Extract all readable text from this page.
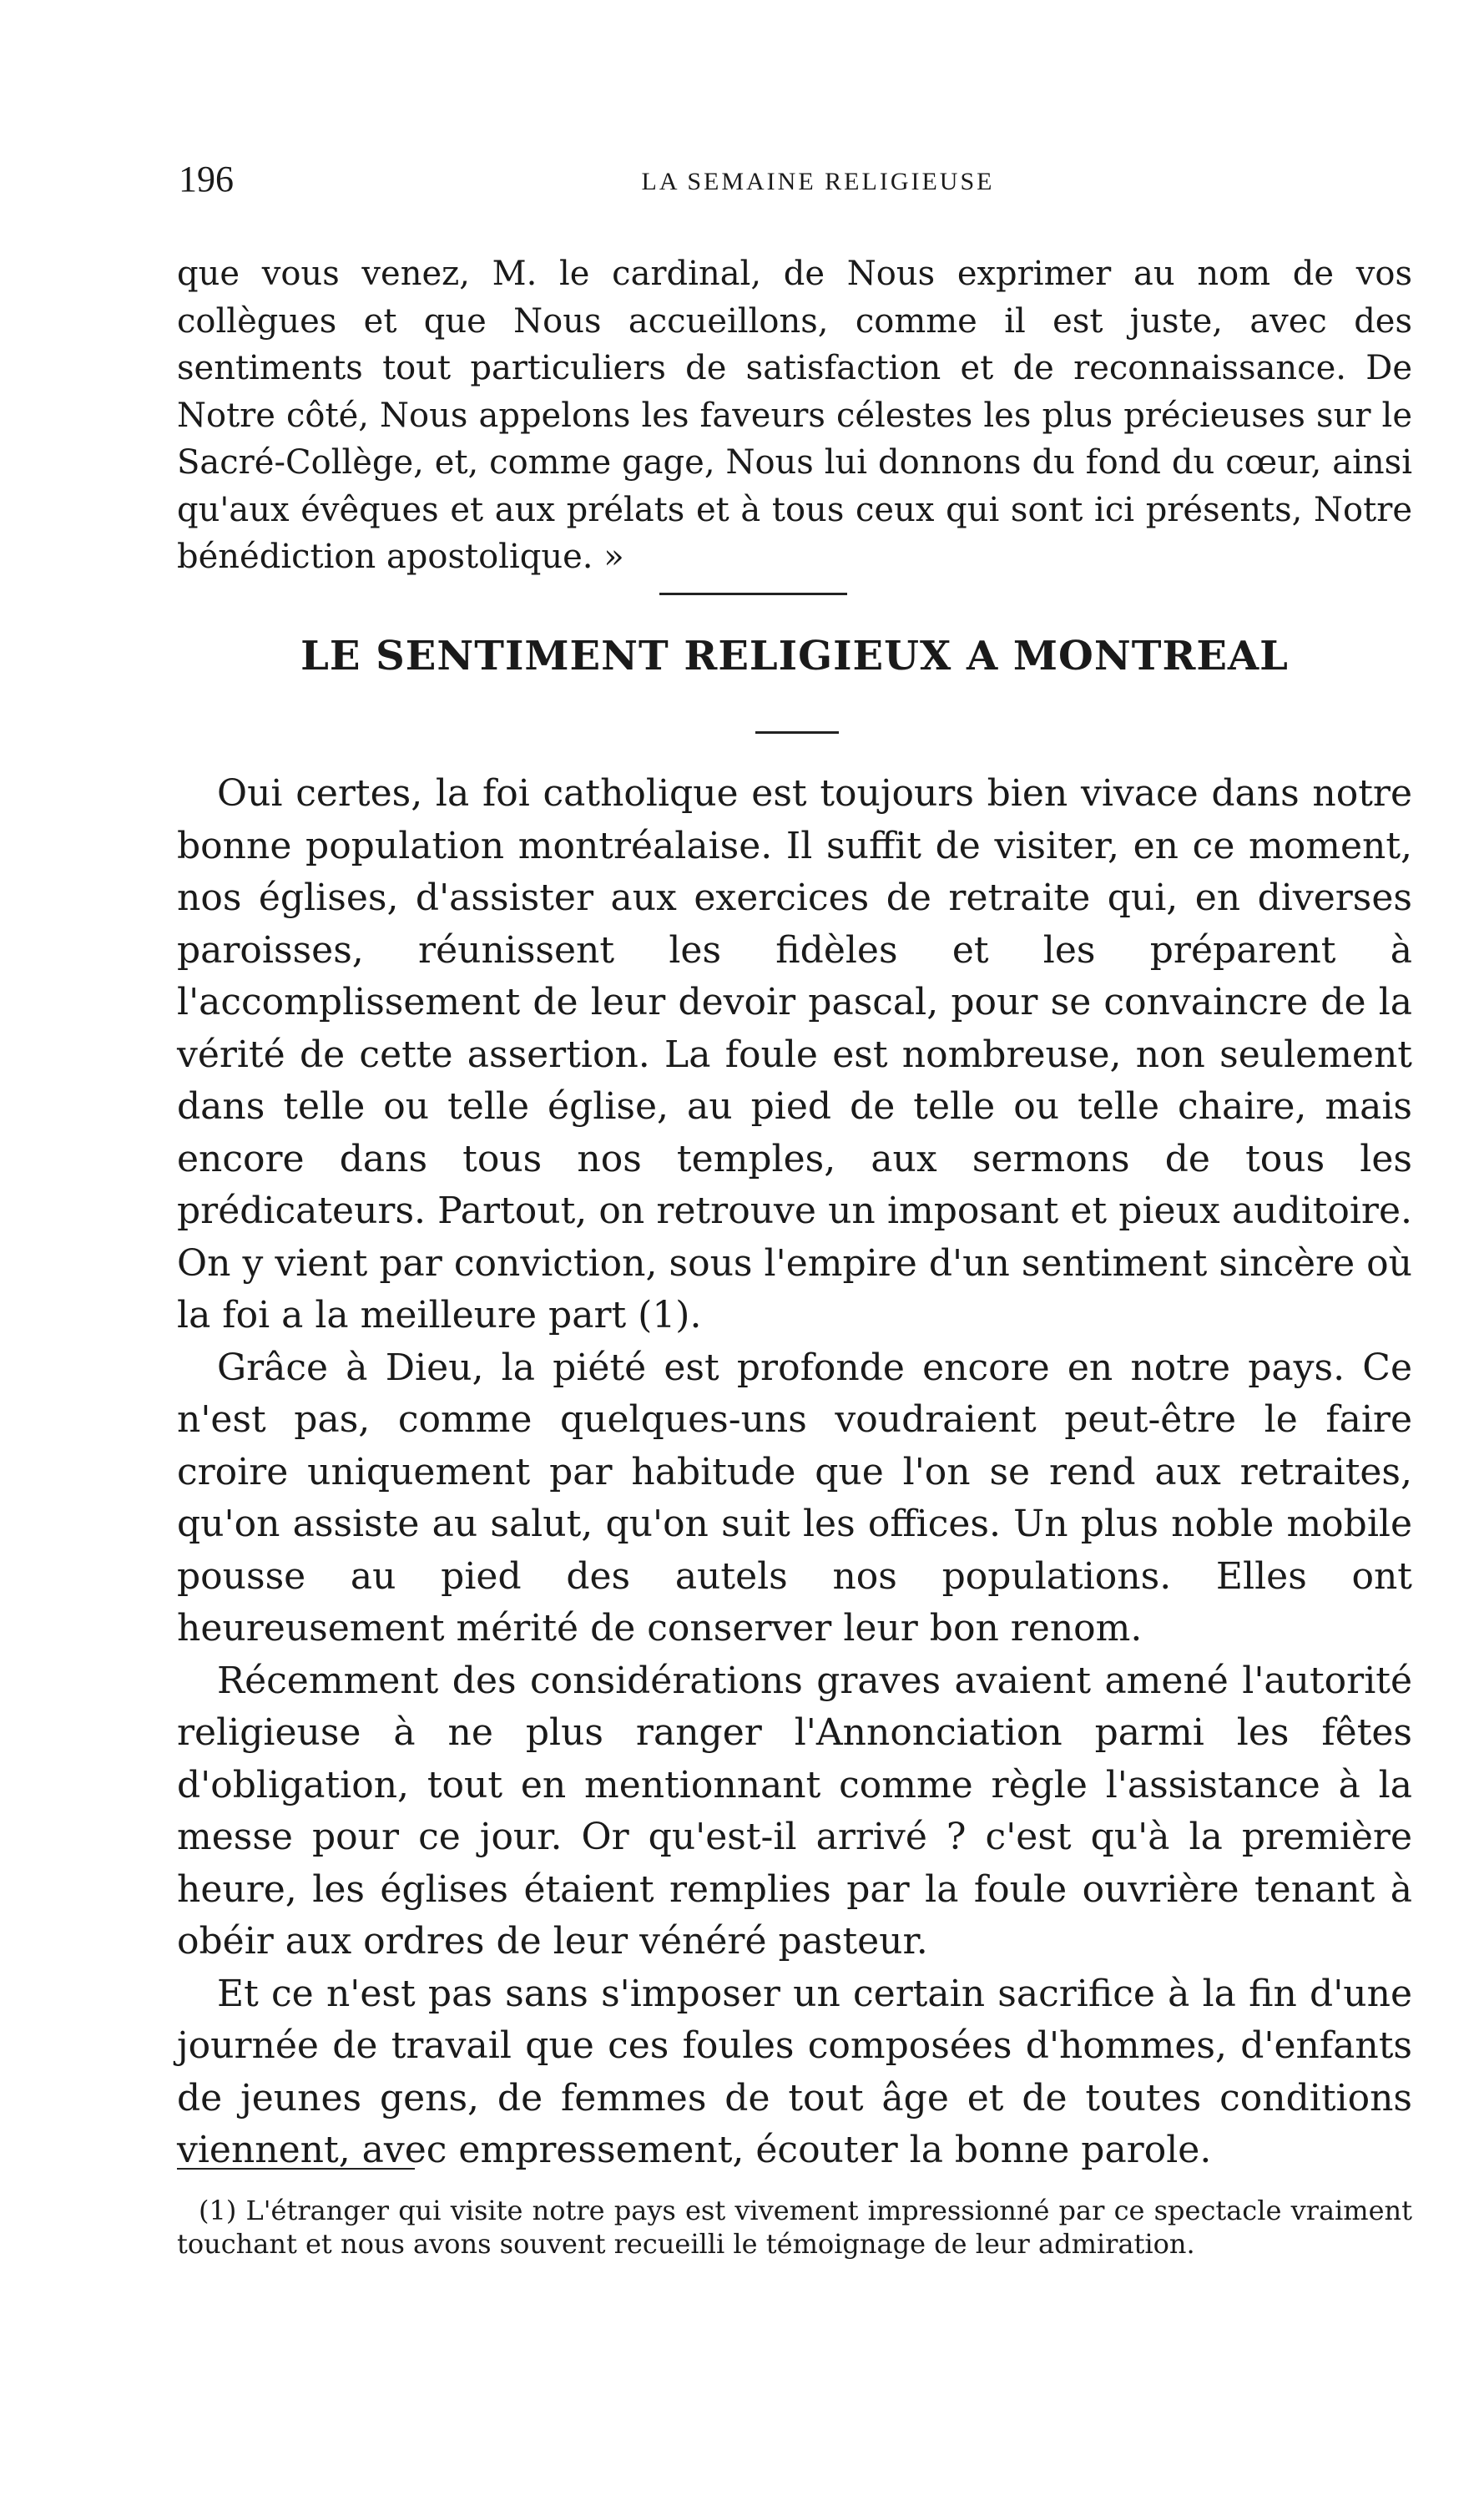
196	LA SEMAINE RELIGIEUSE
que vous venez, M. le cardinal, de Nous exprimer au nom de vos collègues et que Nous accueillons, comme il est juste, avec des sentiments tout particuliers de satisfaction et de reconnaissance. De Notre côté, Nous appelons les faveurs célestes les plus précieuses sur le Sacré-Collège, et, comme gage, Nous lui donnons du fond du cœur, ainsi qu'aux évêques et aux prélats et à tous ceux qui sont ici présents, Notre bénédiction apostolique. »
LE SENTIMENT RELIGIEUX A MONTREAL

Oui certes, la foi catholique est toujours bien vivace dans notre bonne population montréalaise. Il suffit de visiter, en ce moment, nos églises, d'assister aux exercices de retraite qui, en diverses paroisses, réunissent les fidèles et les préparent à l'accomplissement de leur devoir pascal, pour se convaincre de la vérité de cette assertion. La foule est nombreuse, non seulement dans telle ou telle église, au pied de telle ou telle chaire, mais encore dans tous nos temples, aux sermons de tous les prédicateurs. Partout, on retrouve un imposant et pieux auditoire. On y vient par conviction, sous l'empire d'un sentiment sincère où la foi a la meilleure part (1).

Grâce à Dieu, la piété est profonde encore en notre pays. Ce n'est pas, comme quelques-uns voudraient peut-être le faire croire uniquement par habitude que l'on se rend aux retraites, qu'on assiste au salut, qu'on suit les offices. Un plus noble mobile pousse au pied des autels nos populations. Elles ont heureusement mérité de conserver leur bon renom.

Récemment des considérations graves avaient amené l'autorité religieuse à ne plus ranger l'Annonciation parmi les fêtes d'obligation, tout en mentionnant comme règle l'assistance à la messe pour ce jour. Or qu'est-il arrivé ? c'est qu'à la première heure, les églises étaient remplies par la foule ouvrière tenant à obéir aux ordres de leur vénéré pasteur.

Et ce n'est pas sans s'imposer un certain sacrifice à la fin d'une journée de travail que ces foules composées d'hommes, d'enfants de jeunes gens, de femmes de tout âge et de toutes conditions viennent, avec empressement, écouter la bonne parole.

(1) L'étranger qui visite notre pays est vivement impressionné par ce spectacle vraiment touchant et nous avons souvent recueilli le témoignage de leur admiration.
